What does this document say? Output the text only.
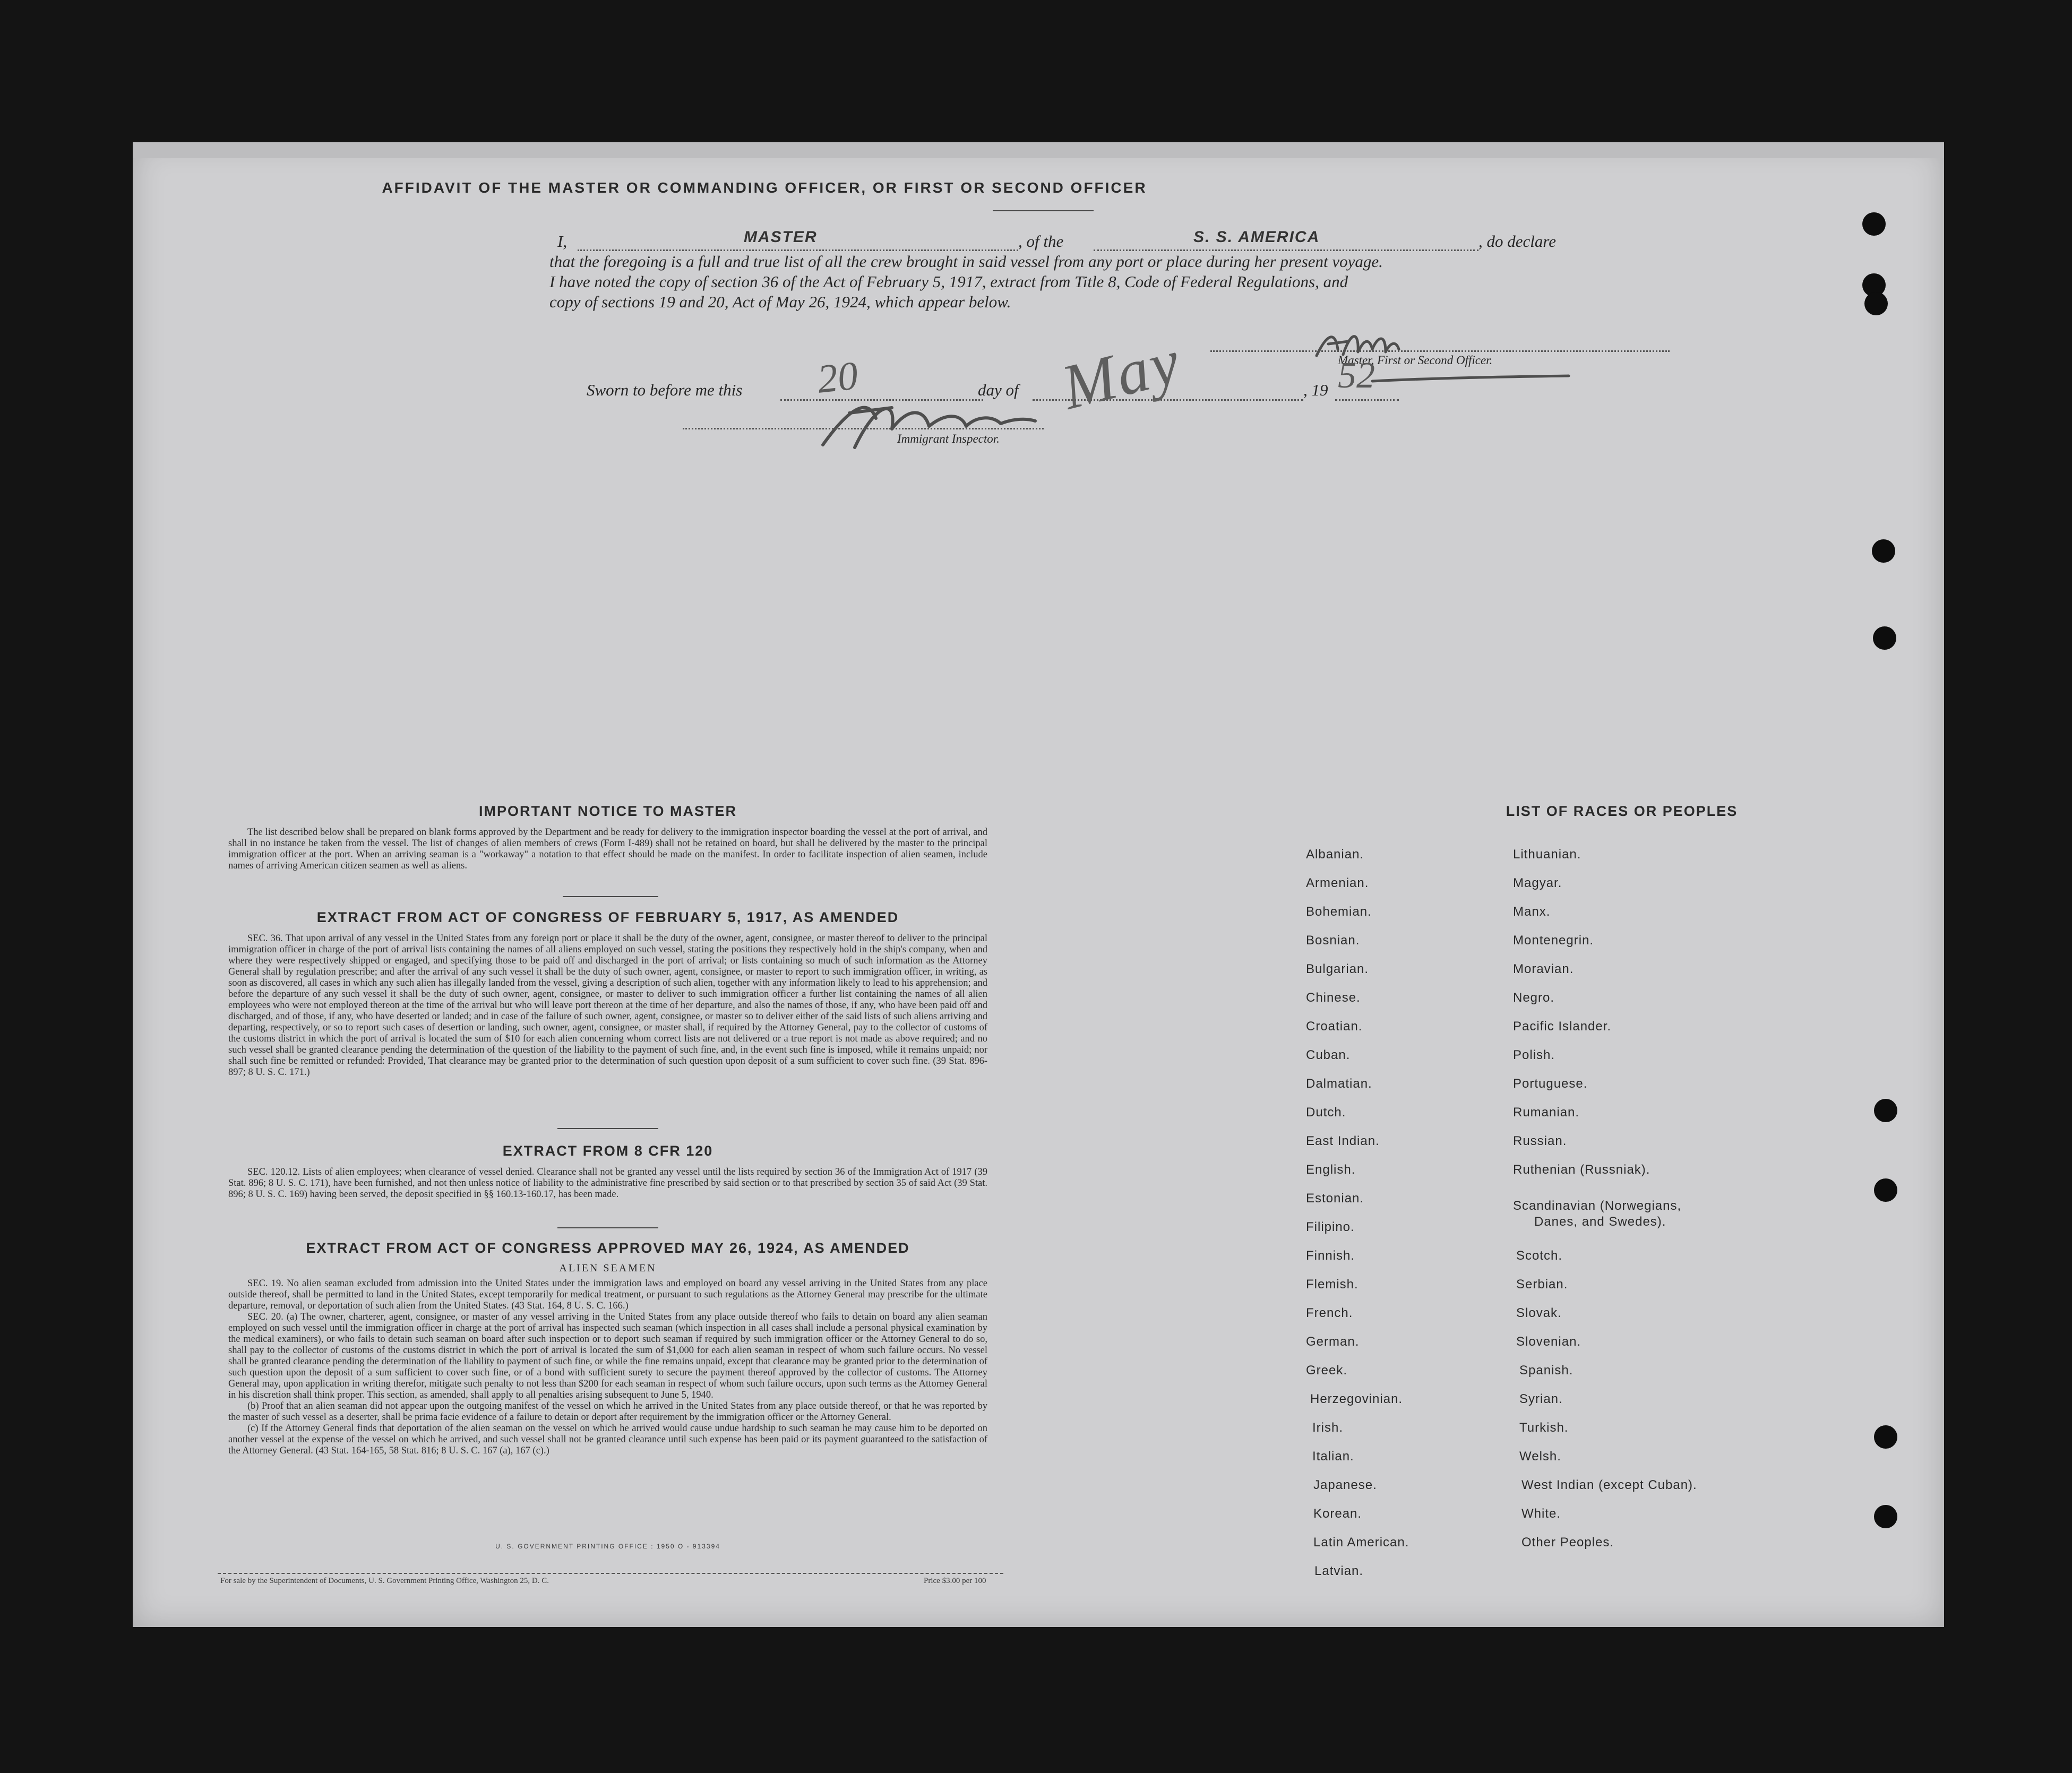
AFFIDAVIT OF THE MASTER OR COMMANDING OFFICER, OR FIRST OR SECOND OFFICER
I,	MASTER	, of the	S. S. AMERICA	, do declare
that the foregoing is a full and true list of all the crew brought in said vessel from any port or place during her present voyage.
I have noted the copy of section 36 of the Act of February 5, 1917, extract from Title 8, Code of Federal Regulations, and
copy of sections 19 and 20, Act of May 26, 1924, which appear below.
Master, First or Second Officer.
Sworn to before me this	day of	, 19
20	May	52
Immigrant Inspector.
IMPORTANT NOTICE TO MASTER
The list described below shall be prepared on blank forms approved by the Department and be ready for delivery to the immigration inspector boarding the vessel at the port of arrival, and shall in no instance be taken from the vessel. The list of changes of alien members of crews (Form I-489) shall not be retained on board, but shall be delivered by the master to the principal immigration officer at the port. When an arriving seaman is a "workaway" a notation to that effect should be made on the manifest. In order to facilitate inspection of alien seamen, include names of arriving American citizen seamen as well as aliens.
EXTRACT FROM ACT OF CONGRESS OF FEBRUARY 5, 1917, AS AMENDED
SEC. 36. That upon arrival of any vessel in the United States from any foreign port or place it shall be the duty of the owner, agent, consignee, or master thereof to deliver to the principal immigration officer in charge of the port of arrival lists containing the names of all aliens employed on such vessel, stating the positions they respectively hold in the ship's company, when and where they were respectively shipped or engaged, and specifying those to be paid off and discharged in the port of arrival; or lists containing so much of such information as the Attorney General shall by regulation prescribe; and after the arrival of any such vessel it shall be the duty of such owner, agent, consignee, or master to report to such immigration officer, in writing, as soon as discovered, all cases in which any such alien has illegally landed from the vessel, giving a description of such alien, together with any information likely to lead to his apprehension; and before the departure of any such vessel it shall be the duty of such owner, agent, consignee, or master to deliver to such immigration officer a further list containing the names of all alien employees who were not employed thereon at the time of the arrival but who will leave port thereon at the time of her departure, and also the names of those, if any, who have been paid off and discharged, and of those, if any, who have deserted or landed; and in case of the failure of such owner, agent, consignee, or master so to deliver either of the said lists of such aliens arriving and departing, respectively, or so to report such cases of desertion or landing, such owner, agent, consignee, or master shall, if required by the Attorney General, pay to the collector of customs of the customs district in which the port of arrival is located the sum of $10 for each alien concerning whom correct lists are not delivered or a true report is not made as above required; and no such vessel shall be granted clearance pending the determination of the question of the liability to the payment of such fine, and, in the event such fine is imposed, while it remains unpaid; nor shall such fine be remitted or refunded: Provided, That clearance may be granted prior to the determination of such question upon deposit of a sum sufficient to cover such fine. (39 Stat. 896-897; 8 U. S. C. 171.)
EXTRACT FROM 8 CFR 120
SEC. 120.12. Lists of alien employees; when clearance of vessel denied. Clearance shall not be granted any vessel until the lists required by section 36 of the Immigration Act of 1917 (39 Stat. 896; 8 U. S. C. 171), have been furnished, and not then unless notice of liability to the administrative fine prescribed by said section or to that prescribed by section 35 of said Act (39 Stat. 896; 8 U. S. C. 169) having been served, the deposit specified in §§ 160.13-160.17, has been made.
EXTRACT FROM ACT OF CONGRESS APPROVED MAY 26, 1924, AS AMENDED
ALIEN SEAMEN
SEC. 19. No alien seaman excluded from admission into the United States under the immigration laws and employed on board any vessel arriving in the United States from any place outside thereof, shall be permitted to land in the United States, except temporarily for medical treatment, or pursuant to such regulations as the Attorney General may prescribe for the ultimate departure, removal, or deportation of such alien from the United States. (43 Stat. 164, 8 U. S. C. 166.)
SEC. 20. (a) The owner, charterer, agent, consignee, or master of any vessel arriving in the United States from any place outside thereof who fails to detain on board any alien seaman employed on such vessel until the immigration officer in charge at the port of arrival has inspected such seaman (which inspection in all cases shall include a personal physical examination by the medical examiners), or who fails to detain such seaman on board after such inspection or to deport such seaman if required by such immigration officer or the Attorney General to do so, shall pay to the collector of customs of the customs district in which the port of arrival is located the sum of $1,000 for each alien seaman in respect of whom such failure occurs. No vessel shall be granted clearance pending the determination of the liability to payment of such fine, or while the fine remains unpaid, except that clearance may be granted prior to the determination of such question upon the deposit of a sum sufficient to cover such fine, or of a bond with sufficient surety to secure the payment thereof approved by the collector of customs. The Attorney General may, upon application in writing therefor, mitigate such penalty to not less than $200 for each seaman in respect of whom such failure occurs, upon such terms as the Attorney General in his discretion shall think proper. This section, as amended, shall apply to all penalties arising subsequent to June 5, 1940.
(b) Proof that an alien seaman did not appear upon the outgoing manifest of the vessel on which he arrived in the United States from any place outside thereof, or that he was reported by the master of such vessel as a deserter, shall be prima facie evidence of a failure to detain or deport after requirement by the immigration officer or the Attorney General.
(c) If the Attorney General finds that deportation of the alien seaman on the vessel on which he arrived would cause undue hardship to such seaman he may cause him to be deported on another vessel at the expense of the vessel on which he arrived, and such vessel shall not be granted clearance until such expense has been paid or its payment guaranteed to the satisfaction of the Attorney General. (43 Stat. 164-165, 58 Stat. 816; 8 U. S. C. 167 (a), 167 (c).)
U. S. GOVERNMENT PRINTING OFFICE : 1950 O - 913394
For sale by the Superintendent of Documents, U. S. Government Printing Office, Washington 25, D. C.	Price $3.00 per 100
LIST OF RACES OR PEOPLES
Albanian.
Armenian.
Bohemian.
Bosnian.
Bulgarian.
Chinese.
Croatian.
Cuban.
Dalmatian.
Dutch.
East Indian.
English.
Estonian.
Filipino.
Finnish.
Flemish.
French.
German.
Greek.
Herzegovinian.
Irish.
Italian.
Japanese.
Korean.
Latin American.
Latvian.
Lithuanian.
Magyar.
Manx.
Montenegrin.
Moravian.
Negro.
Pacific Islander.
Polish.
Portuguese.
Rumanian.
Russian.
Ruthenian (Russniak).
Scandinavian (Norwegians,
Danes, and Swedes).
Scotch.
Serbian.
Slovak.
Slovenian.
Spanish.
Syrian.
Turkish.
Welsh.
West Indian (except Cuban).
White.
Other Peoples.
